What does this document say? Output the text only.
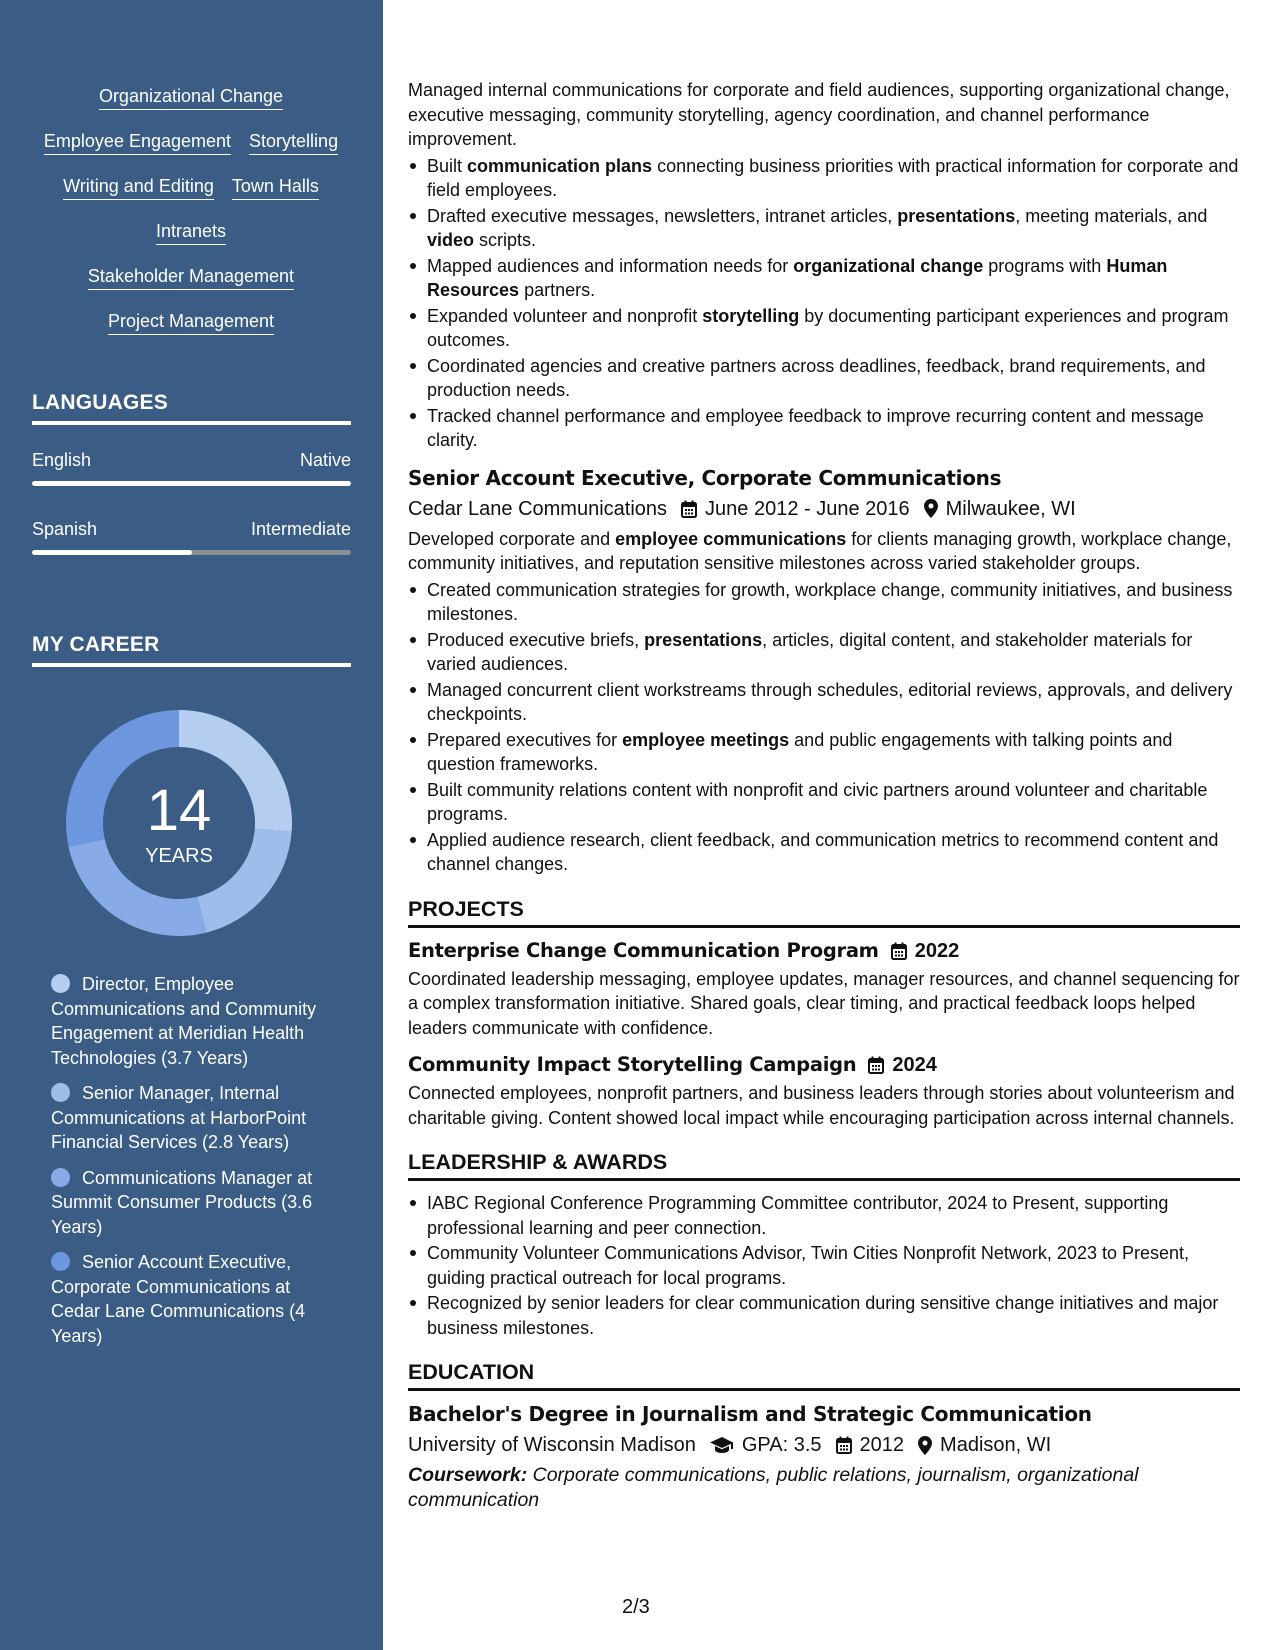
Organizational Change
Employee Engagement Storytelling
Writing and Editing Town Halls
Intranets
Stakeholder Management
Project Management
LANGUAGES
English	Native
Spanish	Intermediate
MY CAREER
14
YEARS
Director, Employee Communications and Community Engagement at Meridian Health Technologies (3.7 Years)
Senior Manager, Internal Communications at HarborPoint Financial Services (2.8 Years)
Communications Manager at Summit Consumer Products (3.6 Years)
Senior Account Executive, Corporate Communications at Cedar Lane Communications (4 Years)

Managed internal communications for corporate and field audiences, supporting organizational change, executive messaging, community storytelling, agency coordination, and channel performance improvement.

Built communication plans connecting business priorities with practical information for corporate and field employees.
Drafted executive messages, newsletters, intranet articles, presentations, meeting materials, and video scripts.
Mapped audiences and information needs for organizational change programs with Human Resources partners.
Expanded volunteer and nonprofit storytelling by documenting participant experiences and program outcomes.
Coordinated agencies and creative partners across deadlines, feedback, brand requirements, and production needs.
Tracked channel performance and employee feedback to improve recurring content and message clarity.
Senior Account Executive, Corporate Communications
Cedar Lane Communications June 2012 - June 2016 Milwaukee, WI

Developed corporate and employee communications for clients managing growth, workplace change, community initiatives, and reputation sensitive milestones across varied stakeholder groups.

Created communication strategies for growth, workplace change, community initiatives, and business milestones.
Produced executive briefs, presentations, articles, digital content, and stakeholder materials for varied audiences.
Managed concurrent client workstreams through schedules, editorial reviews, approvals, and delivery checkpoints.
Prepared executives for employee meetings and public engagements with talking points and question frameworks.
Built community relations content with nonprofit and civic partners around volunteer and charitable programs.
Applied audience research, client feedback, and communication metrics to recommend content and channel changes.
PROJECTS
Enterprise Change Communication Program 2022

Coordinated leadership messaging, employee updates, manager resources, and channel sequencing for a complex transformation initiative. Shared goals, clear timing, and practical feedback loops helped leaders communicate with confidence.

Community Impact Storytelling Campaign 2024

Connected employees, nonprofit partners, and business leaders through stories about volunteerism and charitable giving. Content showed local impact while encouraging participation across internal channels.

LEADERSHIP & AWARDS
IABC Regional Conference Programming Committee contributor, 2024 to Present, supporting professional learning and peer connection.
Community Volunteer Communications Advisor, Twin Cities Nonprofit Network, 2023 to Present, guiding practical outreach for local programs.
Recognized by senior leaders for clear communication during sensitive change initiatives and major business milestones.
EDUCATION
Bachelor's Degree in Journalism and Strategic Communication
University of Wisconsin Madison GPA: 3.5 2012 Madison, WI

Coursework: Corporate communications, public relations, journalism, organizational communication

2/3
